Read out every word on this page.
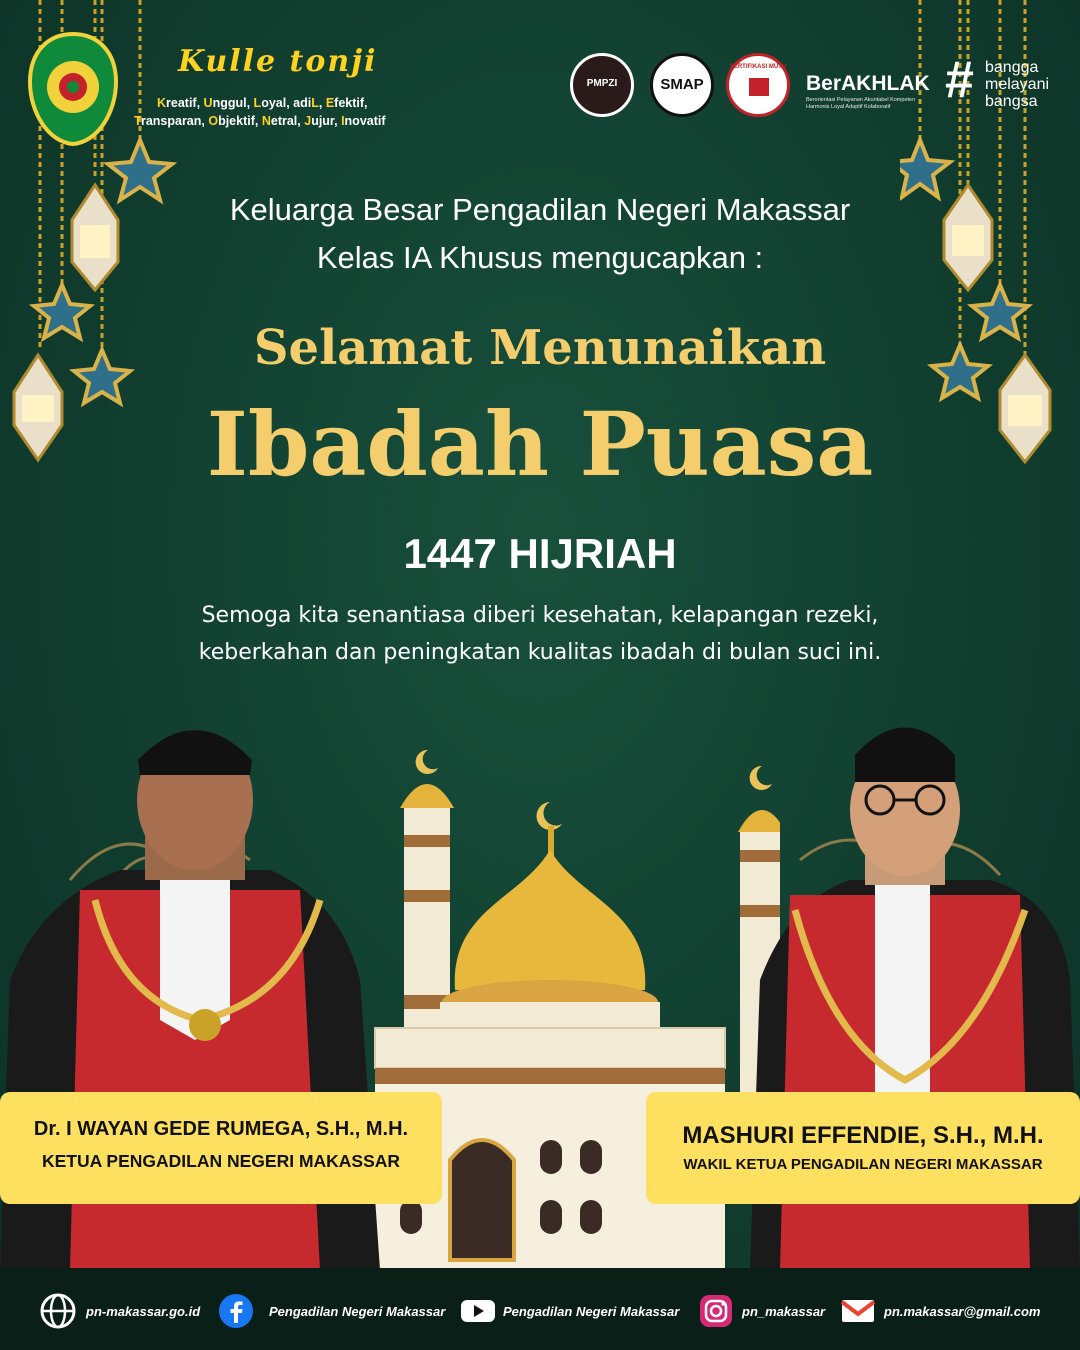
Kulle tonji
Kreatif, Unggul, Loyal, adiL, Efektif,
Transparan, Objektif, Netral, Jujur, Inovatif
PMPZI	SMAP
SERTIFIKASI MUTU
BerAKHLAK
Berorientasi Pelayanan Akuntabel Kompeten Harmonis Loyal Adaptif Kolaboratif	# bangga
melayani
bangsa
Keluarga Besar Pengadilan Negeri Makassar
Kelas IA Khusus mengucapkan :
Selamat Menunaikan
Ibadah Puasa
1447 HIJRIAH
Semoga kita senantiasa diberi kesehatan, kelapangan rezeki,
keberkahan dan peningkatan kualitas ibadah di bulan suci ini.
Dr. I WAYAN GEDE RUMEGA, S.H., M.H.
KETUA PENGADILAN NEGERI MAKASSAR
MASHURI EFFENDIE, S.H., M.H.
WAKIL KETUA PENGADILAN NEGERI MAKASSAR
pn-makassar.go.id	Pengadilan Negeri Makassar	Pengadilan Negeri Makassar	pn_makassar	pn.makassar@gmail.com
